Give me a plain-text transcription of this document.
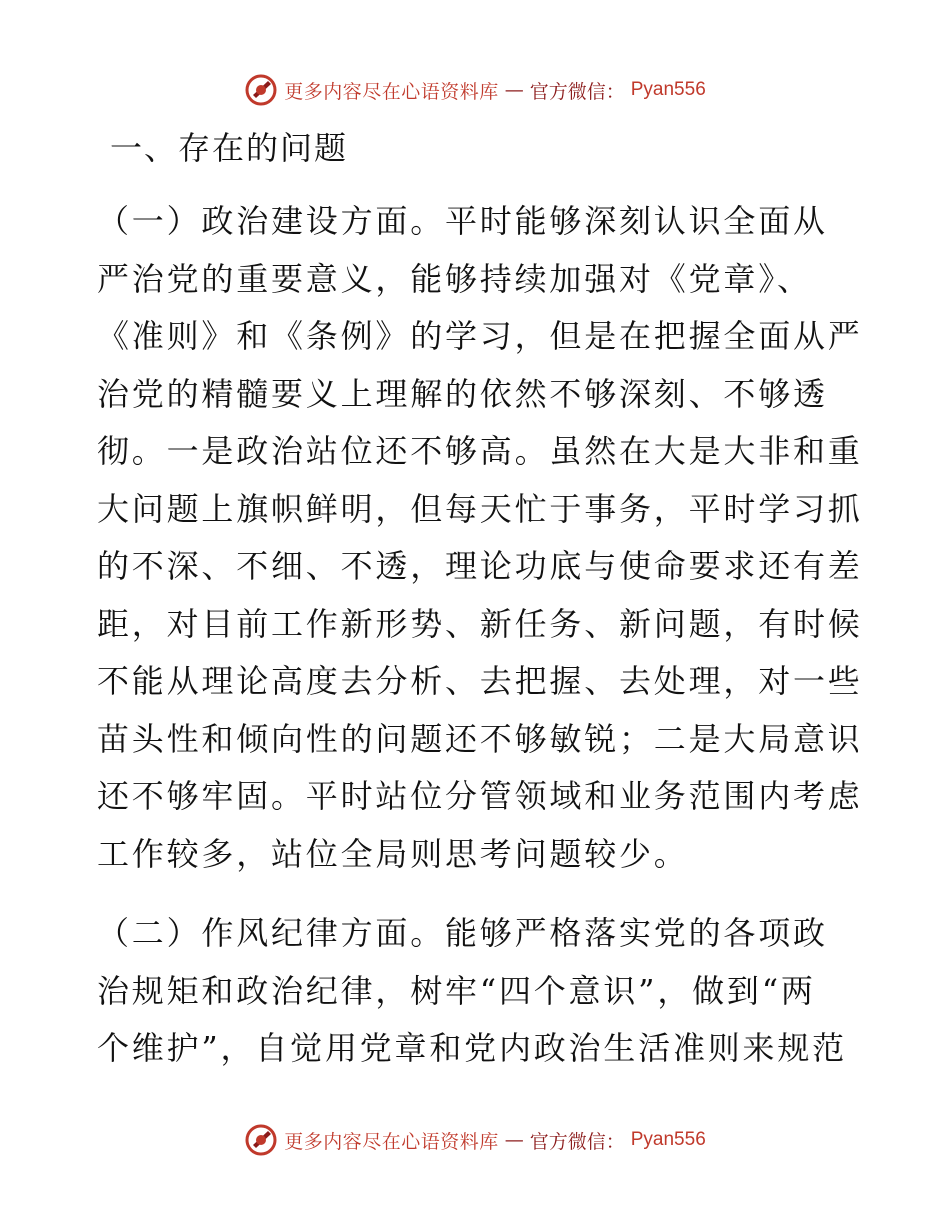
更多内容尽在心语资料库 — 官方微信： Pyan556
一、存在的问题

（一）政治建设方面。平时能够深刻认识全面从
严治党的重要意义，能够持续加强对《党章》、
《准则》和《条例》的学习，但是在把握全面从严
治党的精髓要义上理解的依然不够深刻、不够透
彻。一是政治站位还不够高。虽然在大是大非和重
大问题上旗帜鲜明，但每天忙于事务，平时学习抓
的不深、不细、不透，理论功底与使命要求还有差
距，对目前工作新形势、新任务、新问题，有时候
不能从理论高度去分析、去把握、去处理，对一些
苗头性和倾向性的问题还不够敏锐；二是大局意识
还不够牢固。平时站位分管领域和业务范围内考虑
工作较多，站位全局则思考问题较少。

（二）作风纪律方面。能够严格落实党的各项政
治规矩和政治纪律，树牢“四个意识”，做到“两
个维护”，自觉用党章和党内政治生活准则来规范

更多内容尽在心语资料库 — 官方微信： Pyan556
